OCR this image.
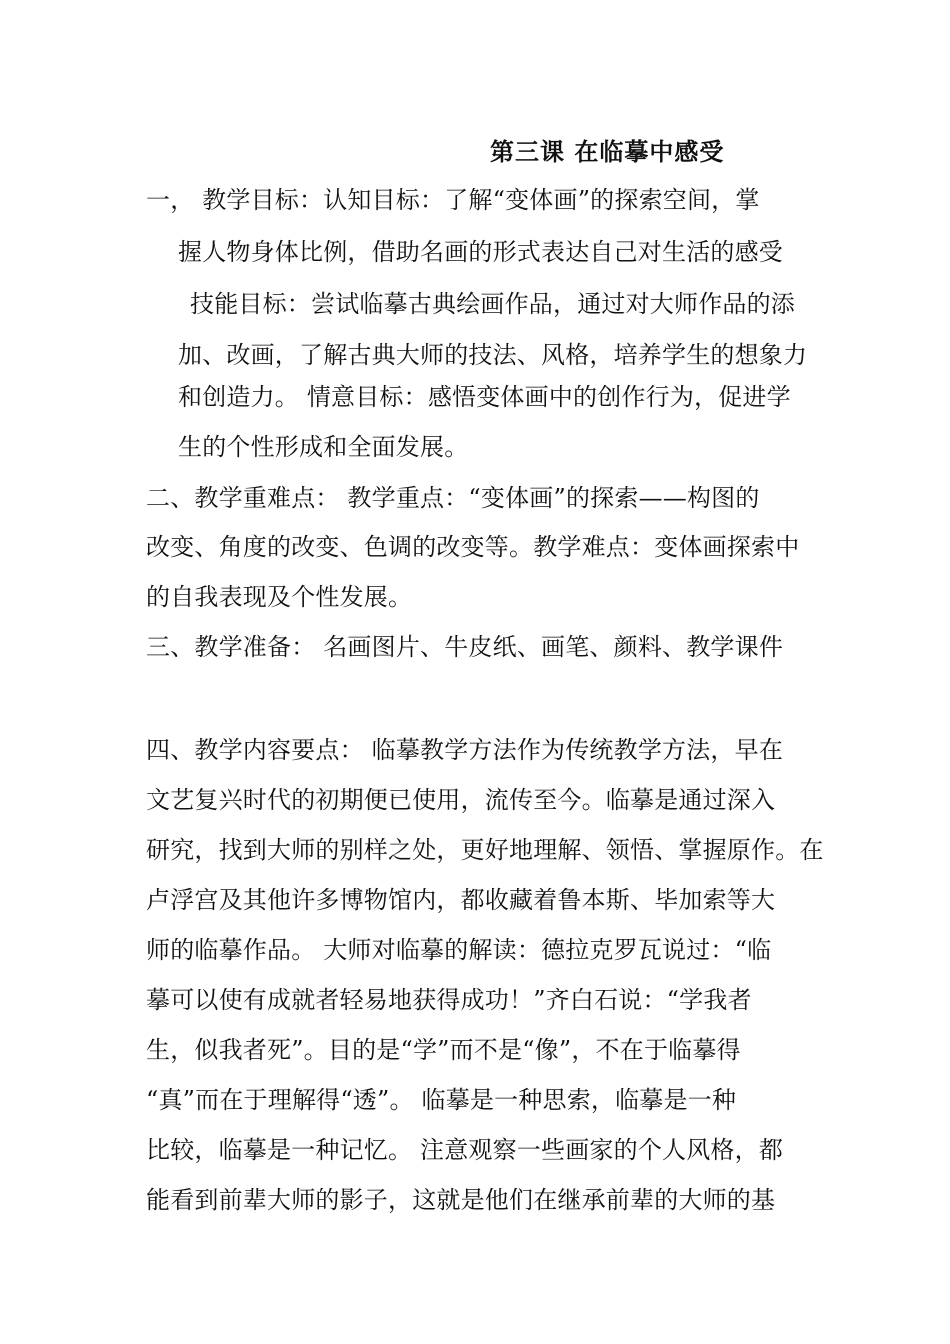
第三课 在临摹中感受
一， 教学目标：认知目标：了解“变体画”的探索空间，掌
握人物身体比例，借助名画的形式表达自己对生活的感受
技能目标：尝试临摹古典绘画作品，通过对大师作品的添
加、改画，了解古典大师的技法、风格，培养学生的想象力
和创造力。 情意目标：感悟变体画中的创作行为，促进学
生的个性形成和全面发展。
二、教学重难点： 教学重点：“变体画”的探索——构图的
改变、角度的改变、色调的改变等。教学难点：变体画探索中
的自我表现及个性发展。
三、教学准备： 名画图片、牛皮纸、画笔、颜料、教学课件
四、教学内容要点： 临摹教学方法作为传统教学方法，早在
文艺复兴时代的初期便已使用，流传至今。临摹是通过深入
研究，找到大师的别样之处，更好地理解、领悟、掌握原作。在
卢浮宫及其他许多博物馆内，都收藏着鲁本斯、毕加索等大
师的临摹作品。 大师对临摹的解读：德拉克罗瓦说过：“临
摹可以使有成就者轻易地获得成功！”齐白石说：“学我者
生，似我者死”。目的是“学”而不是“像”，不在于临摹得
“真”而在于理解得“透”。 临摹是一种思索，临摹是一种
比较，临摹是一种记忆。 注意观察一些画家的个人风格，都
能看到前辈大师的影子，这就是他们在继承前辈的大师的基
